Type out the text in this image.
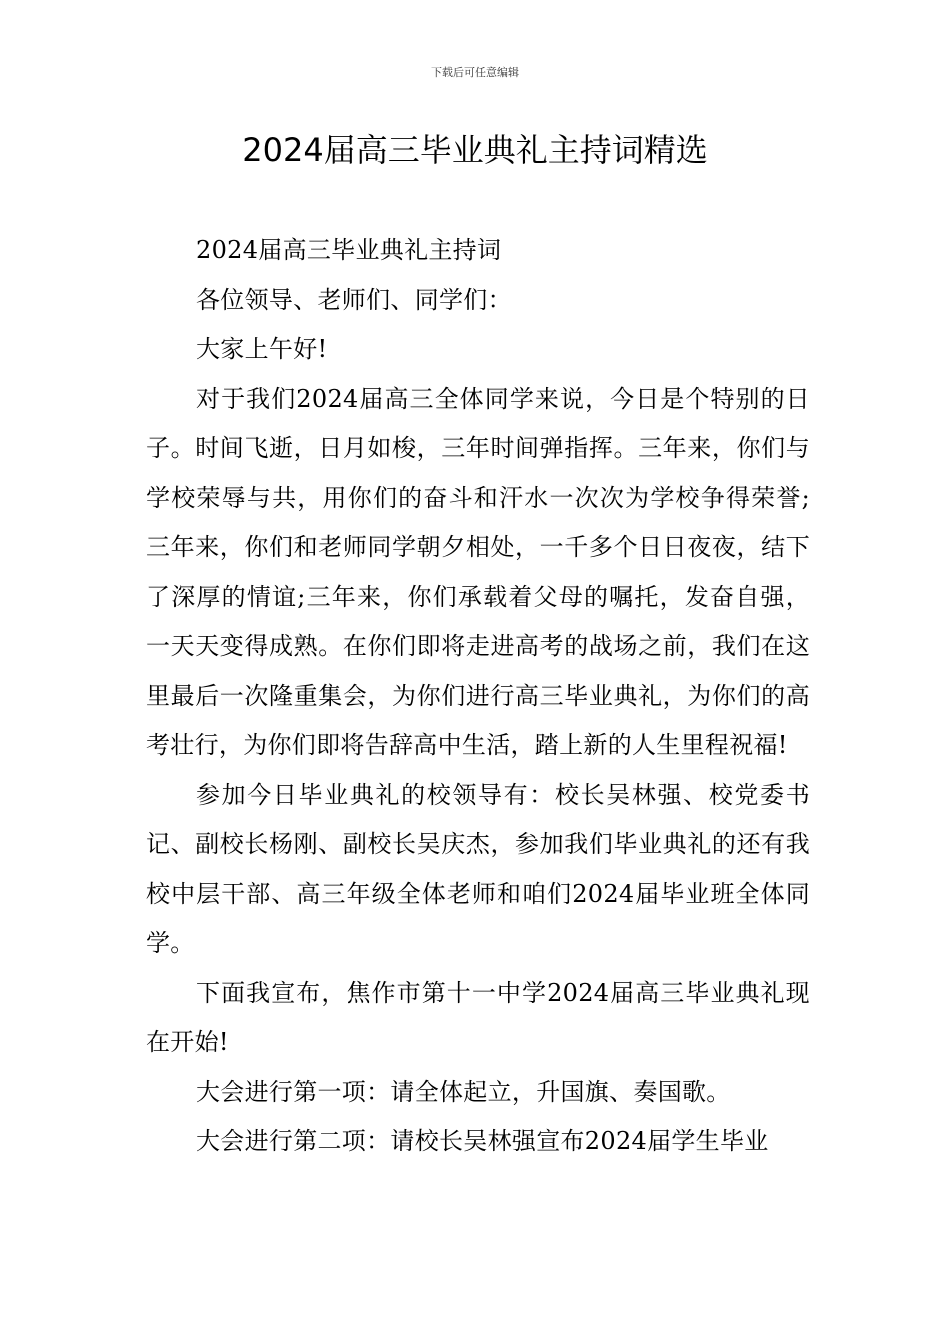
下载后可任意编辑
2024届高三毕业典礼主持词精选

2024届高三毕业典礼主持词

各位领导、老师们、同学们：

大家上午好!

对于我们2024届高三全体同学来说，今日是个特别的日子。时间飞逝，日月如梭，三年时间弹指挥。三年来，你们与学校荣辱与共，用你们的奋斗和汗水一次次为学校争得荣誉;三年来，你们和老师同学朝夕相处，一千多个日日夜夜，结下了深厚的情谊;三年来，你们承载着父母的嘱托，发奋自强，一天天变得成熟。在你们即将走进高考的战场之前，我们在这里最后一次隆重集会，为你们进行高三毕业典礼，为你们的高考壮行，为你们即将告辞高中生活，踏上新的人生里程祝福!

参加今日毕业典礼的校领导有：校长吴林强、校党委书记、副校长杨刚、副校长吴庆杰，参加我们毕业典礼的还有我校中层干部、高三年级全体老师和咱们2024届毕业班全体同学。

下面我宣布，焦作市第十一中学2024届高三毕业典礼现在开始!

大会进行第一项：请全体起立，升国旗、奏国歌。

大会进行第二项：请校长吴林强宣布2024届学生毕业
